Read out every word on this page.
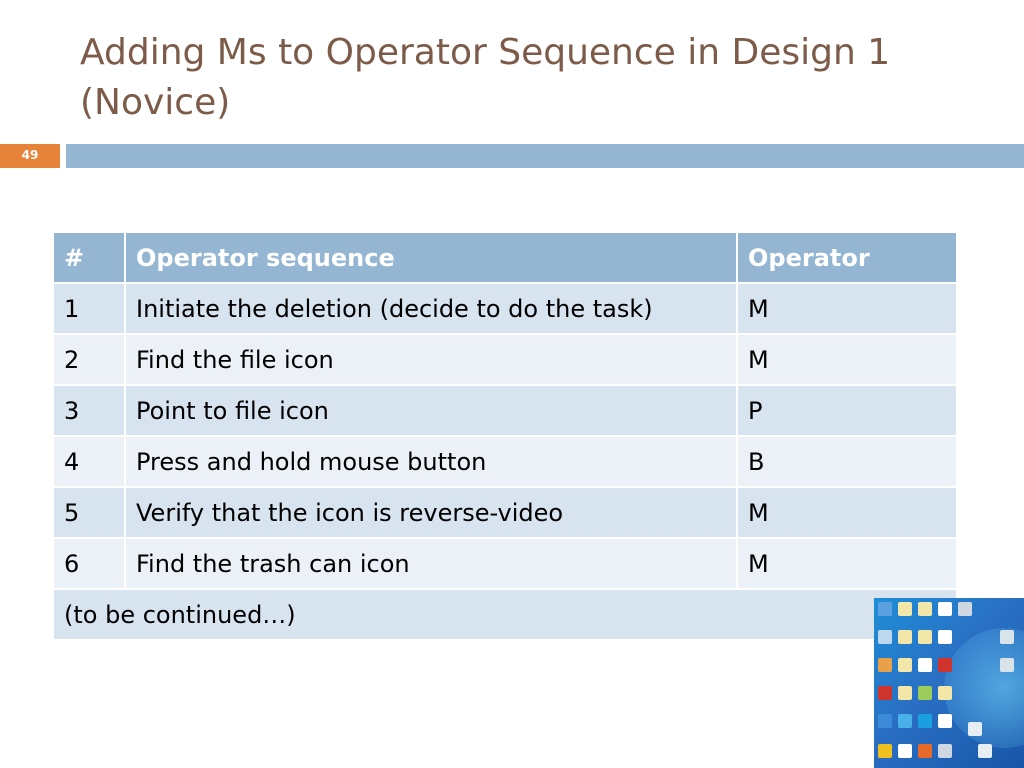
Adding Ms to Operator Sequence in Design 1
(Novice)
49
#	Operator sequence	Operator
1	Initiate the deletion (decide to do the task)	M
2	Find the file icon	M
3	Point to file icon	P
4	Press and hold mouse button	B
5	Verify that the icon is reverse-video	M
6	Find the trash can icon	M
(to be continued…)		
